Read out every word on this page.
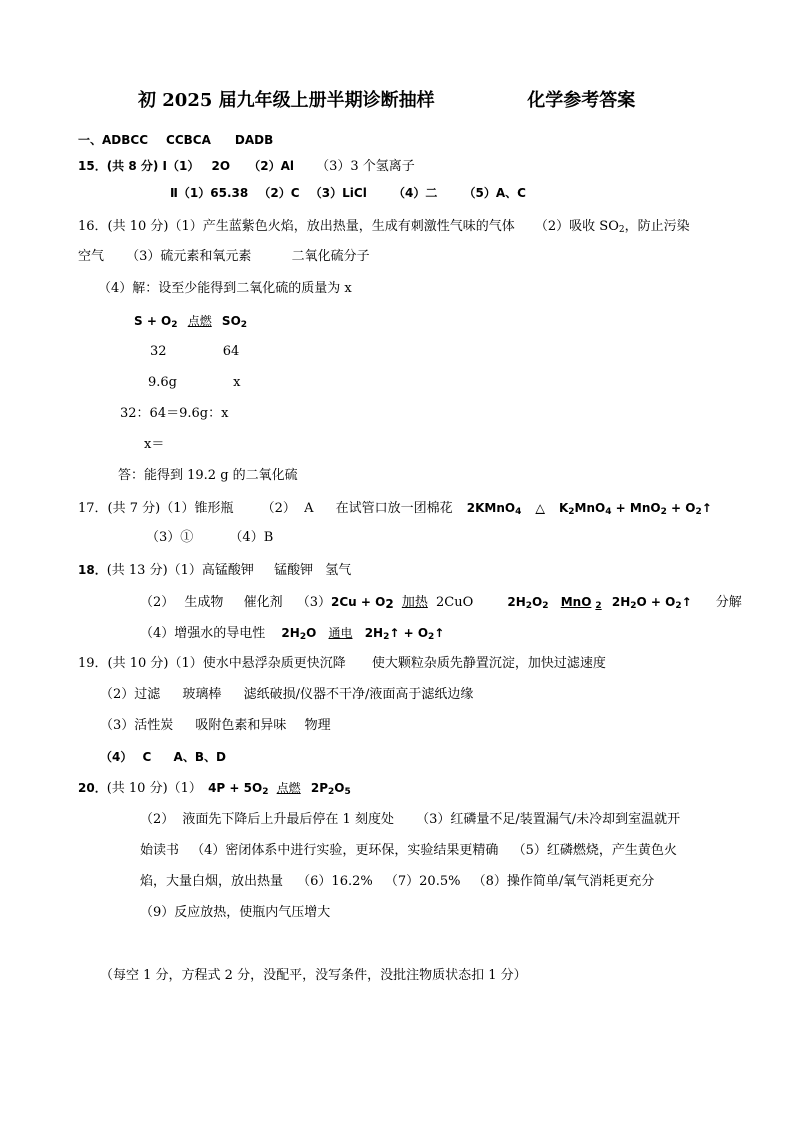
初 2025 届九年级上册半期诊断抽样	化学参考答案
一、ADBCC CCBCA DADB
15．(共 8 分) Ⅰ（1） 2O （2）Al （3）3 个氢离子
Ⅱ（1）65.38 （2）C （3）LiCl （4）二 （5）A、C
16．(共 10 分)（1）产生蓝紫色火焰，放出热量，生成有刺激性气味的气体 （2）吸收 $SO_2$，防止污染
空气 （3）硫元素和氧元素	二氧化硫分子
（4）解：设至少能得到二氧化硫的质量为 x
$S + O_2$ 点燃 $SO_2$
32	64
9.6g	x
32：64＝9.6g：x
x＝
答：能得到 19.2 g 的二氧化硫
17．(共 7 分)（1）锥形瓶 （2） A 在试管口放一团棉花 2KMnO$_4$ △ $K_2MnO_4 + MnO_2$ + $O_2↑$
（3）①	（4）B
18．(共 13 分)（1）高锰酸钾 锰酸钾 氢气
（2） 生成物 催化剂 $(3)2Cu + O_2$ 加热 2CuO	$2H_2O_2$ MnO $_2$ $2H_2O$ + $O_2↑$ 分解
（4）增强水的导电性 $2H_2O$ 通电 $2H_2↑$ + $O_2↑$
19．(共 10 分)（1）使水中悬浮杂质更快沉降 使大颗粒杂质先静置沉淀，加快过滤速度
（2）过滤 玻璃棒 滤纸破损/仪器不干净/液面高于滤纸边缘
（3）活性炭 吸附色素和异味 物理
（4） C A、B、D
20．(共 10 分)（1） $4P + 5O_2$ 点燃 $2P_2O_5$
（2） 液面先下降后上升最后停在 1 刻度处 （3）红磷量不足/装置漏气/未冷却到室温就开
始读书 （4）密闭体系中进行实验，更环保，实验结果更精确 （5）红磷燃烧，产生黄色火
焰，大量白烟，放出热量 （6）16.2% （7）20.5% （8）操作简单/氧气消耗更充分
（9）反应放热，使瓶内气压增大
（每空 1 分，方程式 2 分，没配平，没写条件，没批注物质状态扣 1 分）
